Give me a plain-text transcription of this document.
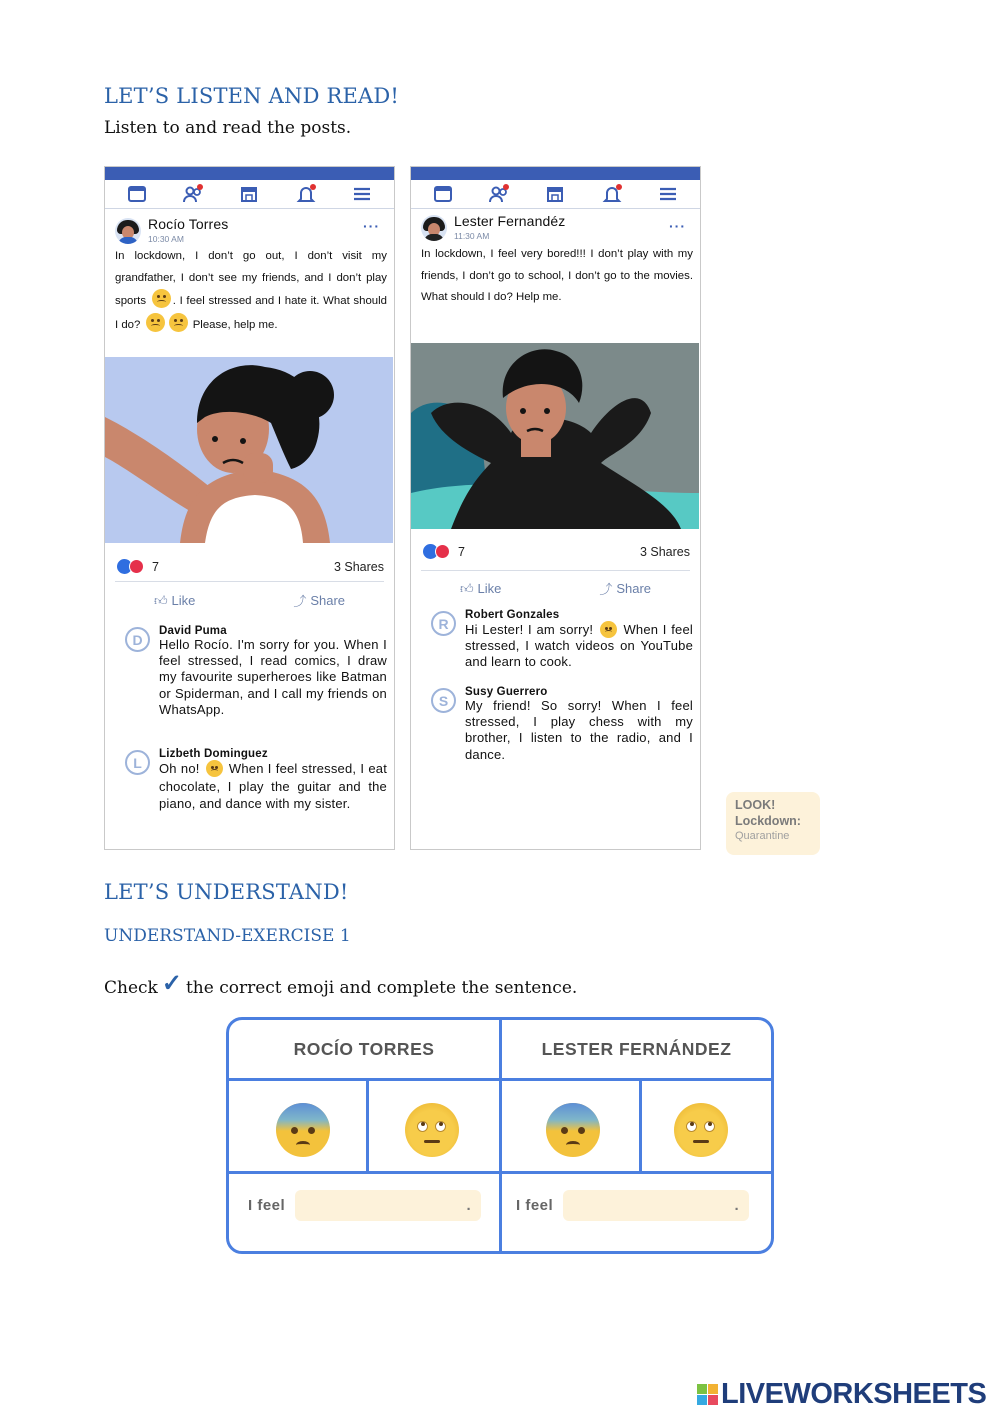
LET’S LISTEN AND READ!
Listen to and read the posts.
Rocío Torres
10:30 AM
···
In lockdown, I don’t go out, I don’t visit my grandfather, I don’t see my friends, and I don’t play sports . I feel stressed and I hate it. What should I do?	Please, help me.
7	3 Shares
👍︎ Like	⤴︎ Share
D
David Puma
Hello Rocío. I'm sorry for you. When I feel stressed, I read comics, I draw my favourite superheroes like Batman or Spiderman, and I call my friends on WhatsApp.
L
Lizbeth Dominguez
Oh no! When I feel stressed, I eat chocolate, I play the guitar and the piano, and dance with my sister.
Lester Fernandéz
11:30 AM
···
In lockdown, I feel very bored!!! I don’t play with my friends, I don’t go to school, I don’t go to the movies. What should I do? Help me.
7	3 Shares
👍︎ Like	⤴︎ Share
R
Robert Gonzales
Hi Lester! I am sorry! When I feel stressed, I watch videos on YouTube and learn to cook.
S
Susy Guerrero
My friend! So sorry! When I feel stressed, I play chess with my brother, I listen to the radio, and I dance.
LOOK!
Lockdown:
Quarantine
LET’S UNDERSTAND!
UNDERSTAND-EXERCISE 1
Check ✓ the correct emoji and complete the sentence.
ROCÍO TORRES	LESTER FERNÁNDEZ
I feel	.	I feel	.
LIVEWORKSHEETS
